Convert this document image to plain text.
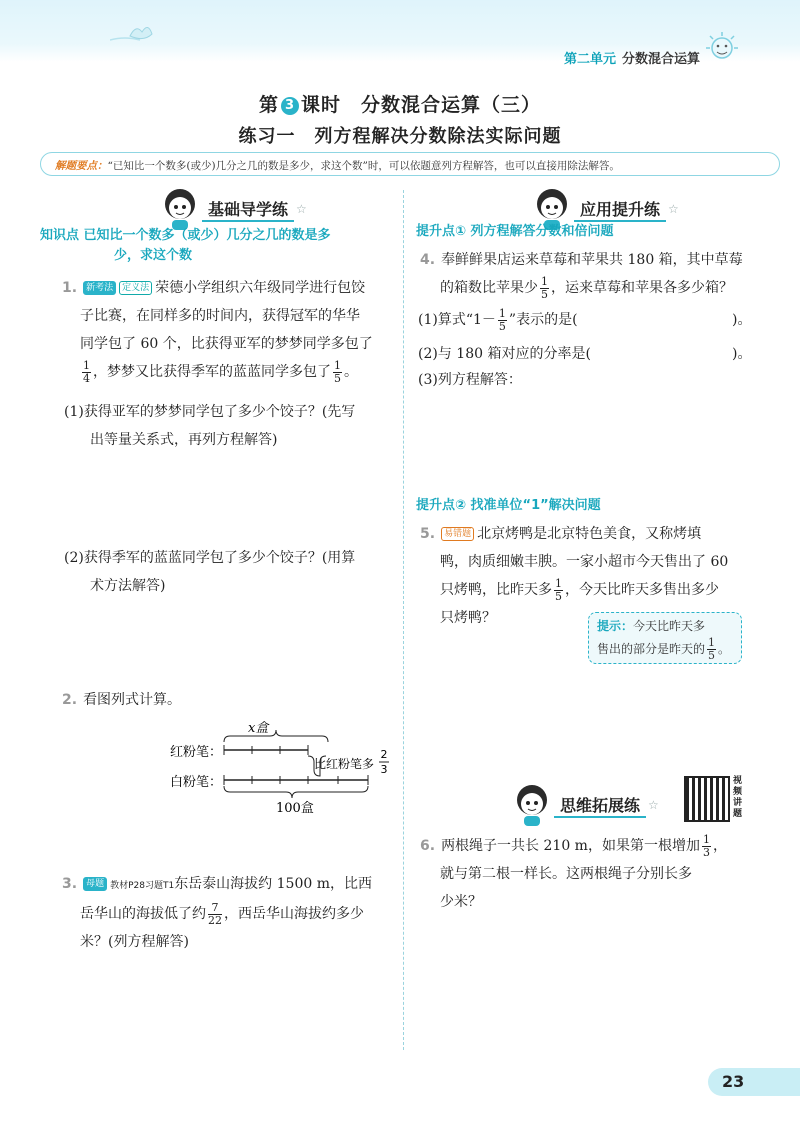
第二单元 分数混合运算
第 3 课时　 分数混合运算（三）
练习一　列方程解决分数除法实际问题
解题要点：“已知比一个数多(或少)几分之几的数是多少，求这个数”时，可以依题意列方程解答，也可以直接用除法解答。
基础导学练 ☆
知识点 已知比一个数多（或少）几分之几的数是多
少，求这个数
1. 新考法 定义法 荣德小学组织六年级同学进行包饺
子比赛，在同样多的时间内，获得冠军的华华
同学包了 60 个，比获得亚军的梦梦同学多包了

$\frac{1}{4}$ ，梦梦又比获得季军的蓝蓝同学多包了 $\frac{1}{5}$ 。
(1)获得亚军的梦梦同学包了多少个饺子？(先写
出等量关系式，再列方程解答)
(2)获得季军的蓝蓝同学包了多少个饺子？(用算
术方法解答)
2. 看图列式计算。
x盒
红粉笔：
比红粉笔多
2
3
白粉笔：
100盒
3. 母题 教材P28习题T1东岳泰山海拔约 1500 m，比西
岳华山的海拔低了约 $\frac{7}{22}$ ，西岳华山海拔约多少
米？(列方程解答)
应用提升练 ☆
提升点① 列方程解答分数和倍问题
4. 奉鲜鲜果店运来草莓和苹果共 180 箱，其中草莓
的箱数比苹果少 $\frac{1}{5}$ ，运来草莓和苹果各多少箱？
(1)算式“$1- \frac{1}{5}$ ”表示的是(	)。
(2)与 180 箱对应的分率是(	)。
(3)列方程解答：
提升点② 找准单位“1”解决问题
5. 易错题 北京烤鸭是北京特色美食，又称烤填
鸭，肉质细嫩丰腴。一家小超市今天售出了 60
只烤鸭，比昨天多 $\frac{1}{5}$ ，今天比昨天多售出多少
只烤鸭？	提示：今天比昨天多
售出的部分是昨天的 $\frac{1}{5}$ 。
思维拓展练 ☆
视频讲题
6. 两根绳子一共长 210 m，如果第一根增加 $\frac{1}{3}$ ，
就与第二根一样长。这两根绳子分别长多
少米？
23
